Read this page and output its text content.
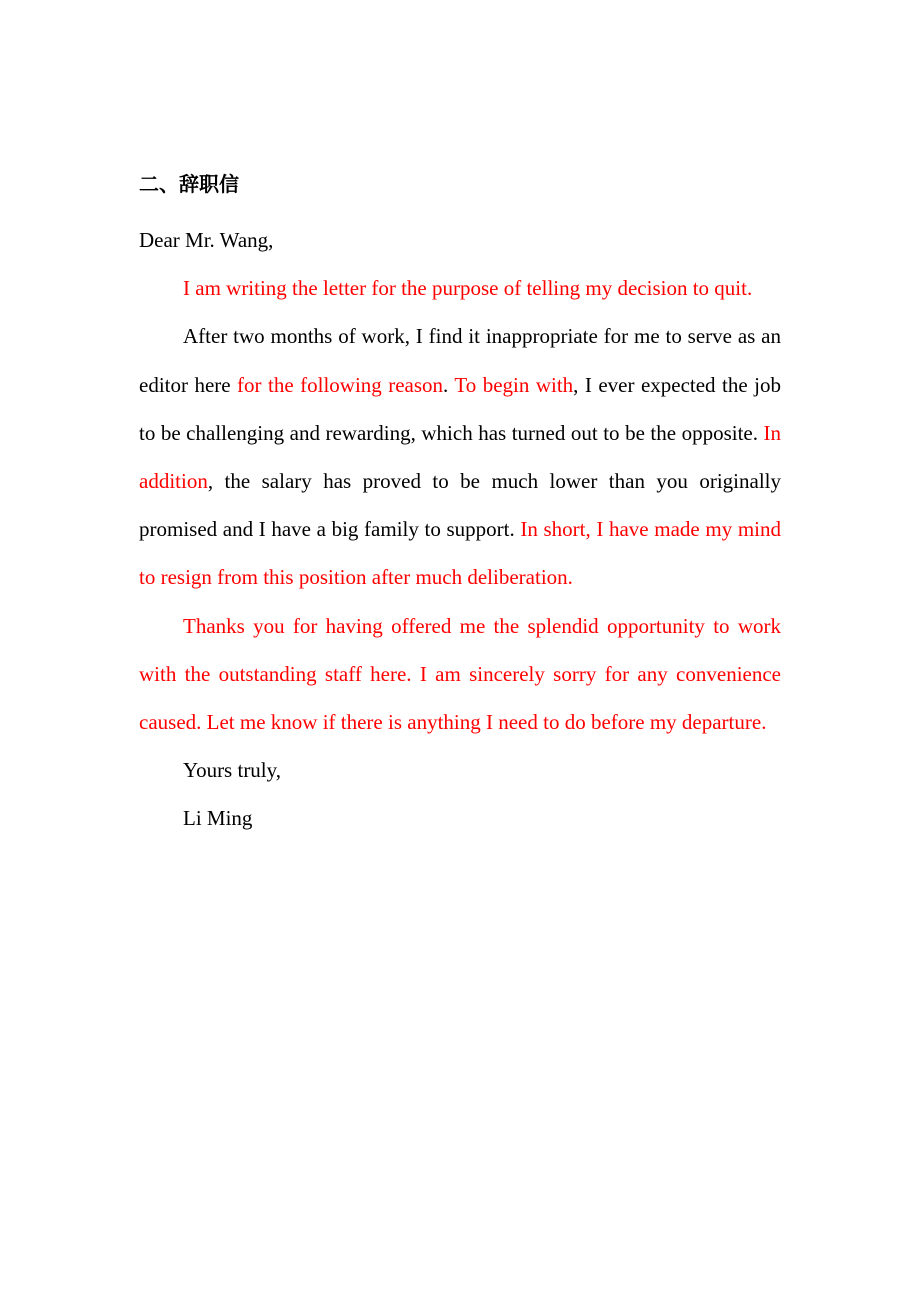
二、辞职信

Dear Mr. Wang,

I am writing the letter for the purpose of telling my decision to quit.

After two months of work, I find it inappropriate for me to serve as an editor here for the following reason. To begin with, I ever expected the job to be challenging and rewarding, which has turned out to be the opposite. In addition, the salary has proved to be much lower than you originally promised and I have a big family to support. In short, I have made my mind to resign from this position after much deliberation.

Thanks you for having offered me the splendid opportunity to work with the outstanding staff here. I am sincerely sorry for any convenience caused. Let me know if there is anything I need to do before my departure.

Yours truly,

Li Ming
